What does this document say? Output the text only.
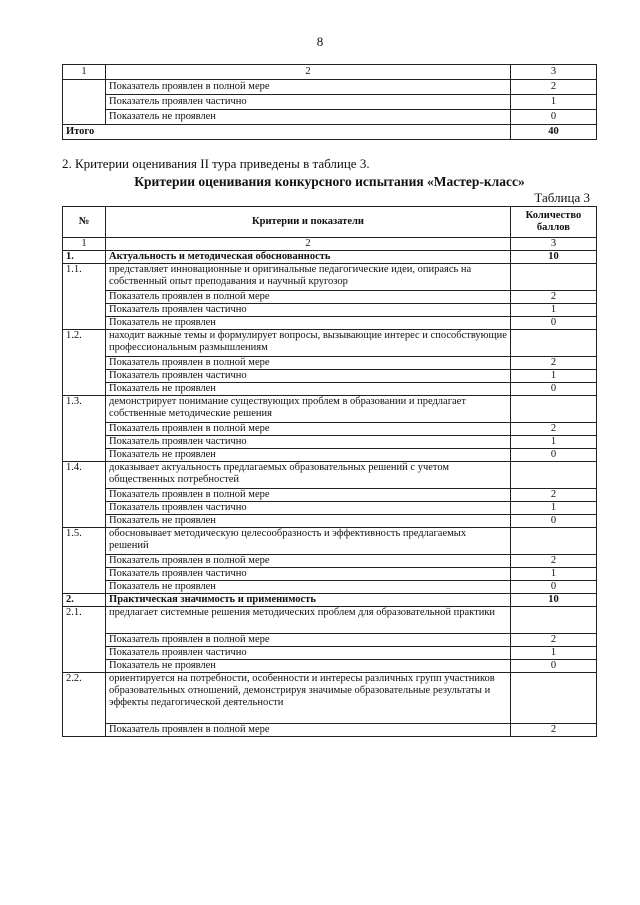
8
1	2	3
	Показатель проявлен в полной мере	2
	Показатель проявлен частично	1
	Показатель не проявлен	0
Итого		40
2. Критерии оценивания II тура приведены в таблице 3.
Критерии оценивания конкурсного испытания «Мастер-класс»
Таблица 3
№	Критерии и показатели	Количество баллов
1	2	3
1.	Актуальность и методическая обоснованность	10
1.1.	представляет инновационные и оригинальные педагогические идеи, опираясь на собственный опыт преподавания и научный кругозор	
	Показатель проявлен в полной мере	2
	Показатель проявлен частично	1
	Показатель не проявлен	0
1.2.	находит важные темы и формулирует вопросы, вызывающие интерес и способствующие профессиональным размышлениям	
	Показатель проявлен в полной мере	2
	Показатель проявлен частично	1
	Показатель не проявлен	0
1.3.	демонстрирует понимание существующих проблем в образовании и предлагает собственные методические решения	
	Показатель проявлен в полной мере	2
	Показатель проявлен частично	1
	Показатель не проявлен	0
1.4.	доказывает актуальность предлагаемых образовательных решений с учетом общественных потребностей	
	Показатель проявлен в полной мере	2
	Показатель проявлен частично	1
	Показатель не проявлен	0
1.5.	обосновывает методическую целесообразность и эффективность предлагаемых решений	
	Показатель проявлен в полной мере	2
	Показатель проявлен частично	1
	Показатель не проявлен	0
2.	Практическая значимость и применимость	10
2.1.	предлагает системные решения методических проблем для образовательной практики	
	Показатель проявлен в полной мере	2
	Показатель проявлен частично	1
	Показатель не проявлен	0
2.2.	ориентируется на потребности, особенности и интересы различных групп участников образовательных отношений, демонстрируя значимые образовательные результаты и эффекты педагогической деятельности	
	Показатель проявлен в полной мере	2
